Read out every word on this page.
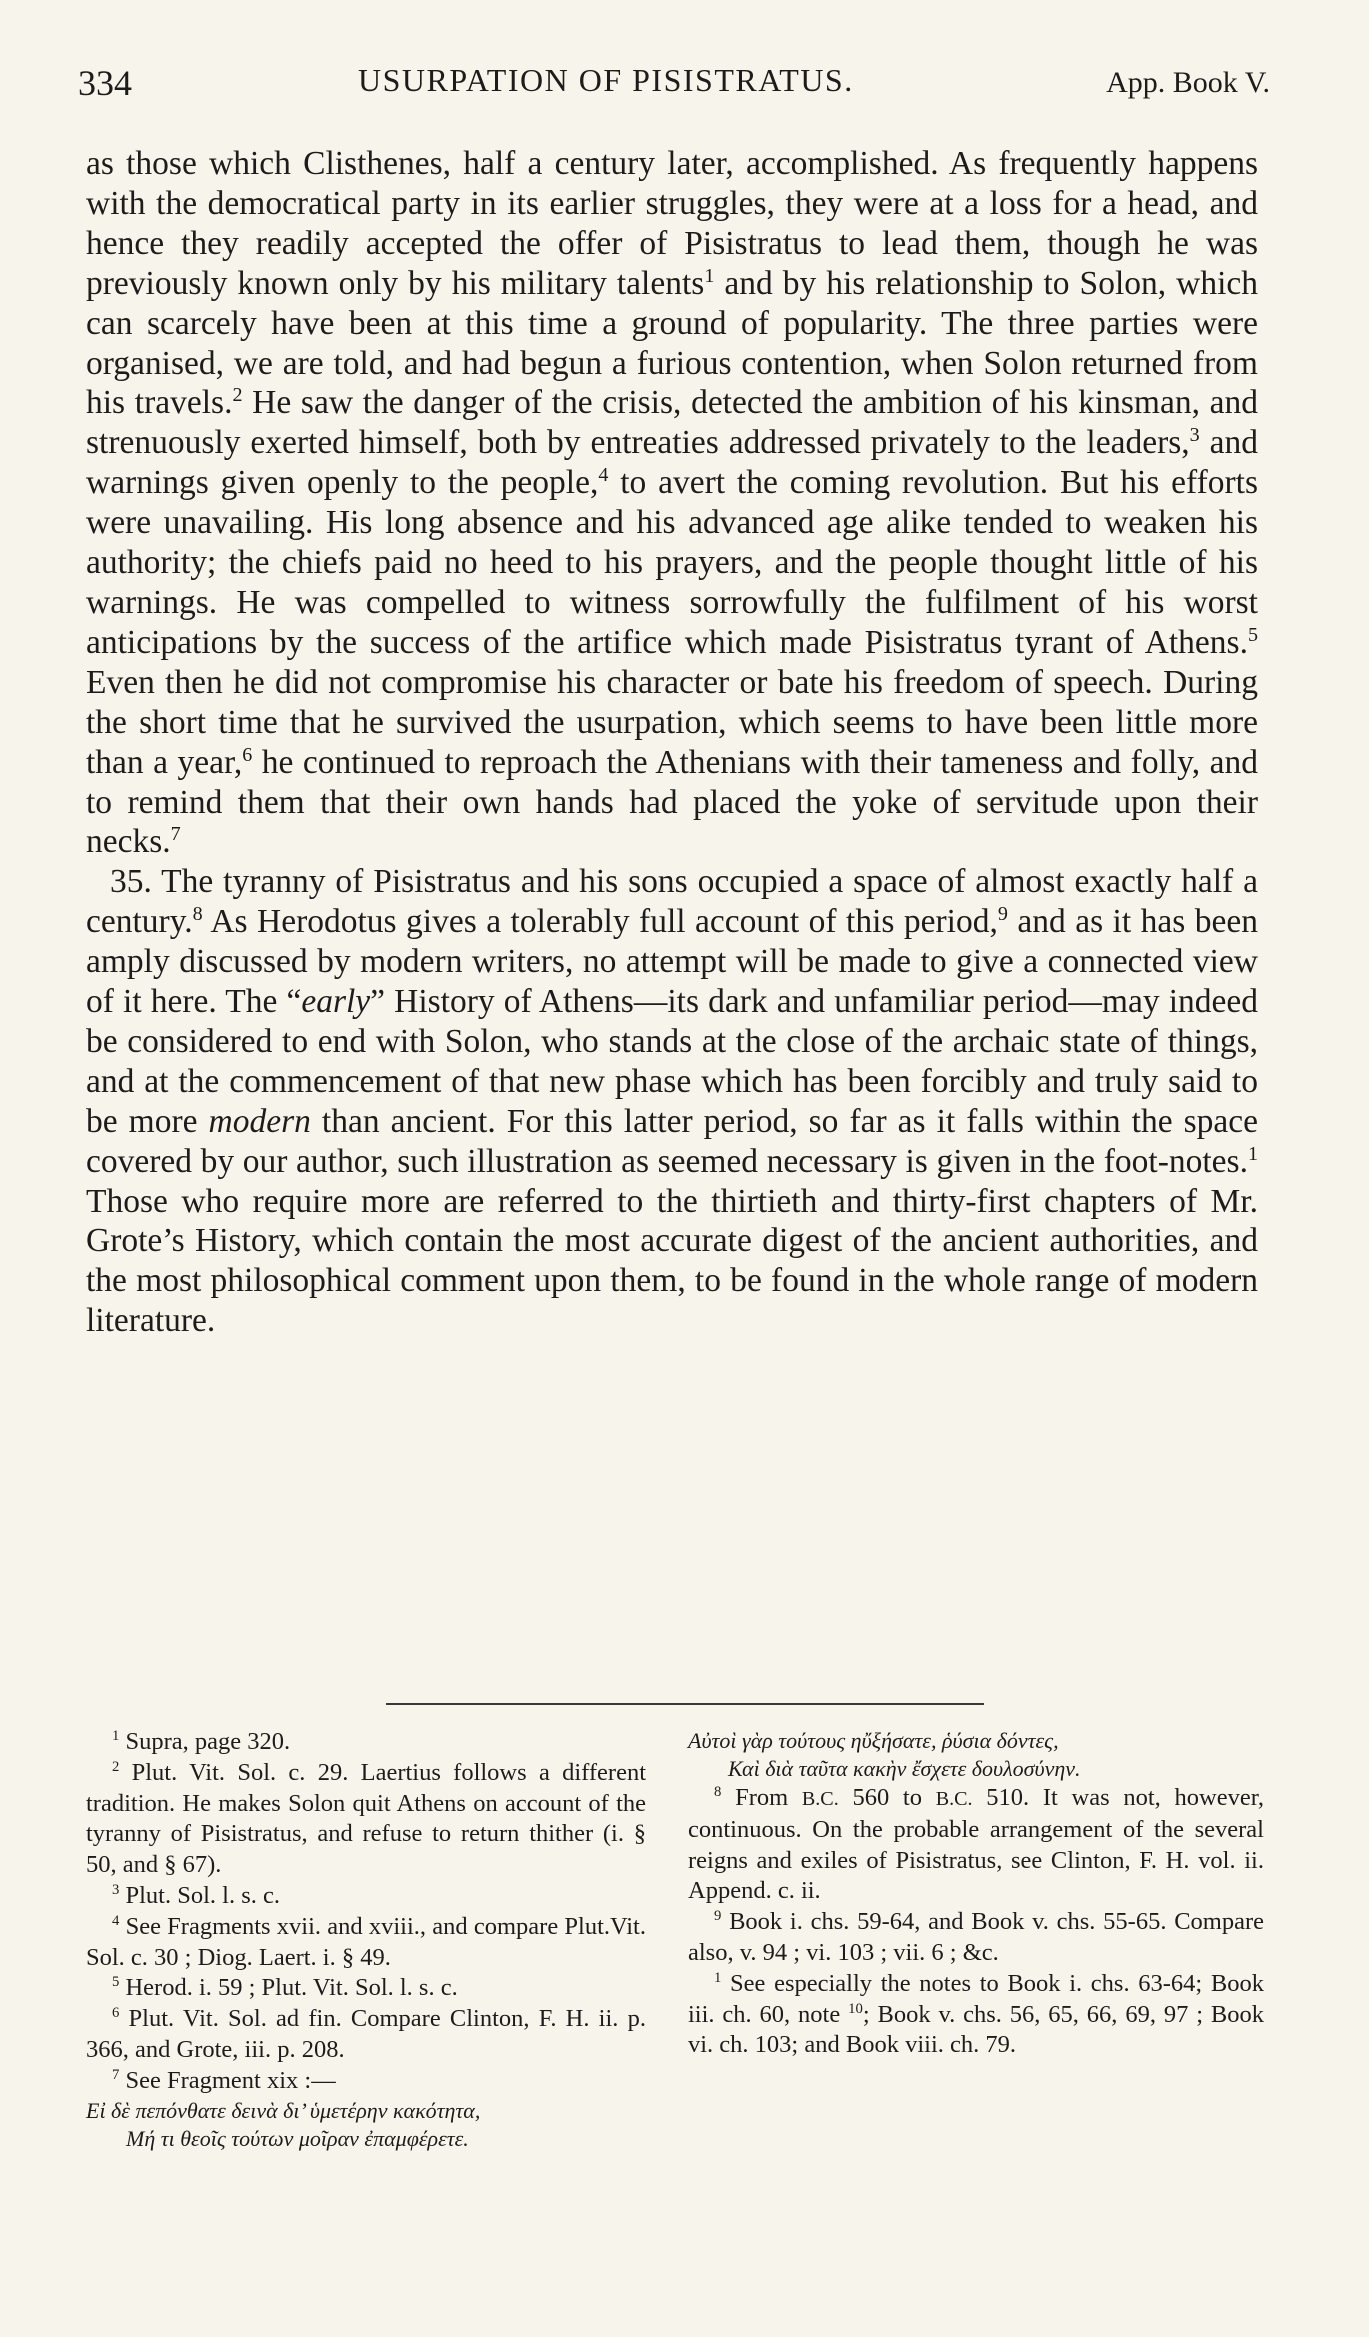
334	USURPATION OF PISISTRATUS.	App. Book V.

as those which Clisthenes, half a century later, accomplished. As frequently happens with the democratical party in its earlier struggles, they were at a loss for a head, and hence they readily accepted the offer of Pisistratus to lead them, though he was previously known only by his military talents$^1$ and by his relationship to Solon, which can scarcely have been at this time a ground of popularity. The three parties were organised, we are told, and had begun a furious contention, when Solon returned from his travels.$^2$ He saw the danger of the crisis, detected the ambition of his kinsman, and strenuously exerted himself, both by entreaties addressed privately to the leaders,$^3$ and warnings given openly to the people,$^4$ to avert the coming revolution. But his efforts were unavailing. His long absence and his advanced age alike tended to weaken his authority; the chiefs paid no heed to his prayers, and the people thought little of his warnings. He was compelled to witness sorrowfully the fulfilment of his worst anticipations by the success of the artifice which made Pisistratus tyrant of Athens.$^5$ Even then he did not compromise his character or bate his freedom of speech. During the short time that he survived the usurpation, which seems to have been little more than a year,$^6$ he continued to reproach the Athenians with their tameness and folly, and to remind them that their own hands had placed the yoke of servitude upon their necks.$^7$

35. The tyranny of Pisistratus and his sons occupied a space of almost exactly half a century.$^8$ As Herodotus gives a tolerably full account of this period,$^9$ and as it has been amply discussed by modern writers, no attempt will be made to give a connected view of it here. The “early” History of Athens—its dark and unfamiliar period—may indeed be considered to end with Solon, who stands at the close of the archaic state of things, and at the commencement of that new phase which has been forcibly and truly said to be more modern than ancient. For this latter period, so far as it falls within the space covered by our author, such illustration as seemed necessary is given in the foot-notes.$^1$ Those who require more are referred to the thirtieth and thirty-first chapters of Mr. Grote’s History, which contain the most accurate digest of the ancient authorities, and the most philosophical comment upon them, to be found in the whole range of modern literature.

$^1$ Supra, page 320.
$^2$ Plut. Vit. Sol. c. 29. Laertius follows a different tradition. He makes Solon quit Athens on account of the tyranny of Pisistratus, and refuse to return thither (i. § 50, and § 67).
$^3$ Plut. Sol. l. s. c.
$^4$ See Fragments xvii. and xviii., and compare Plut.Vit. Sol. c. 30 ; Diog. Laert. i. § 49.
$^5$ Herod. i. 59 ; Plut. Vit. Sol. l. s. c.
$^6$ Plut. Vit. Sol. ad fin. Compare Clinton, F. H. ii. p. 366, and Grote, iii. p. 208.
$^7$ See Fragment xix :—
Εἰ δὲ πεπόνθατε δεινὰ δι’ ὑμετέρην κακότητα,
Μή τι θεοῖς τούτων μοῖραν ἐπαμφέρετε.
Αὐτοὶ γὰρ τούτους ηὔξήσατε, ῥύσια δόντες,
Καὶ διὰ ταῦτα κακὴν ἔσχετε δουλοσύνην.
$^8$ From B.C. 560 to B.C. 510. It was not, however, continuous. On the probable arrangement of the several reigns and exiles of Pisistratus, see Clinton, F. H. vol. ii. Append. c. ii.
$^9$ Book i. chs. 59-64, and Book v. chs. 55-65. Compare also, v. 94 ; vi. 103 ; vii. 6 ; &c.
$^1$ See especially the notes to Book i. chs. 63-64; Book iii. ch. 60, note $^{10}$; Book v. chs. 56, 65, 66, 69, 97 ; Book vi. ch. 103; and Book viii. ch. 79.
